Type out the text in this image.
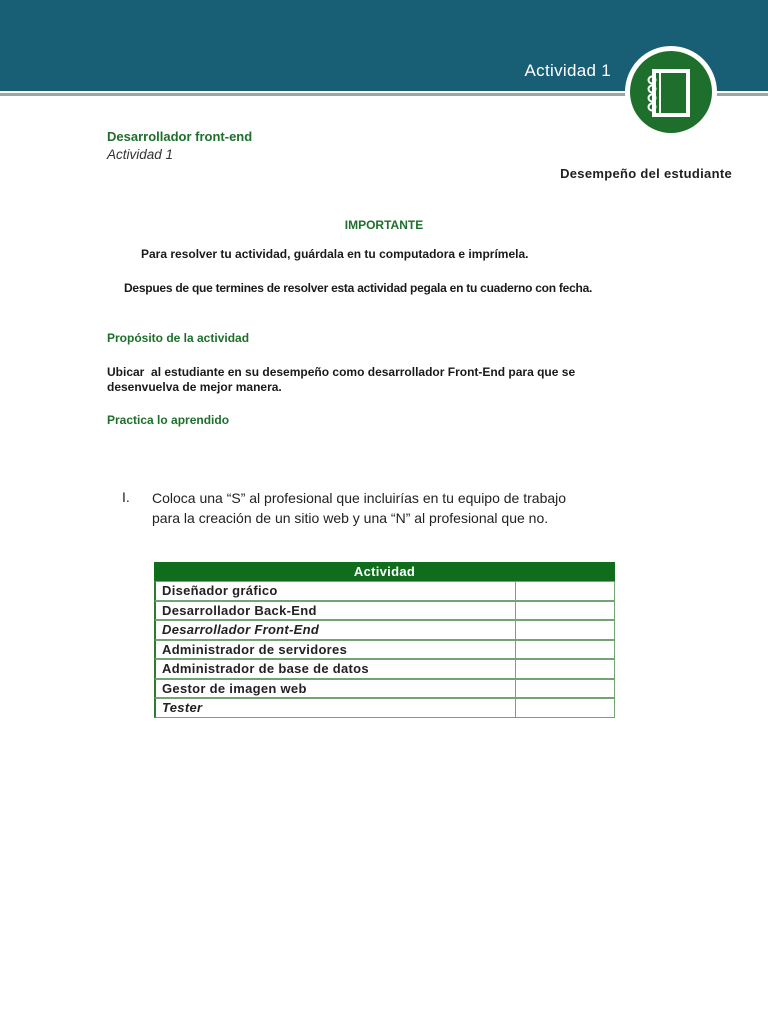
Actividad 1
Desarrollador front-end
Actividad 1
Desempeño del estudiante
IMPORTANTE
Para resolver tu actividad, guárdala en tu computadora e imprímela.
Despues de que termines de resolver esta actividad pegala en tu cuaderno con fecha.
Propósito de la actividad
Ubicar  al estudiante en su desempeño como desarrollador Front-End para que se
desenvuelva de mejor manera.
Practica lo aprendido
I. Coloca una “S” al profesional que incluirías en tu equipo de trabajo
para la creación de un sitio web y una “N” al profesional que no.
Actividad
Diseñador gráfico
Desarrollador Back-End
Desarrollador Front-End
Administrador de servidores
Administrador de base de datos
Gestor de imagen web
Tester
